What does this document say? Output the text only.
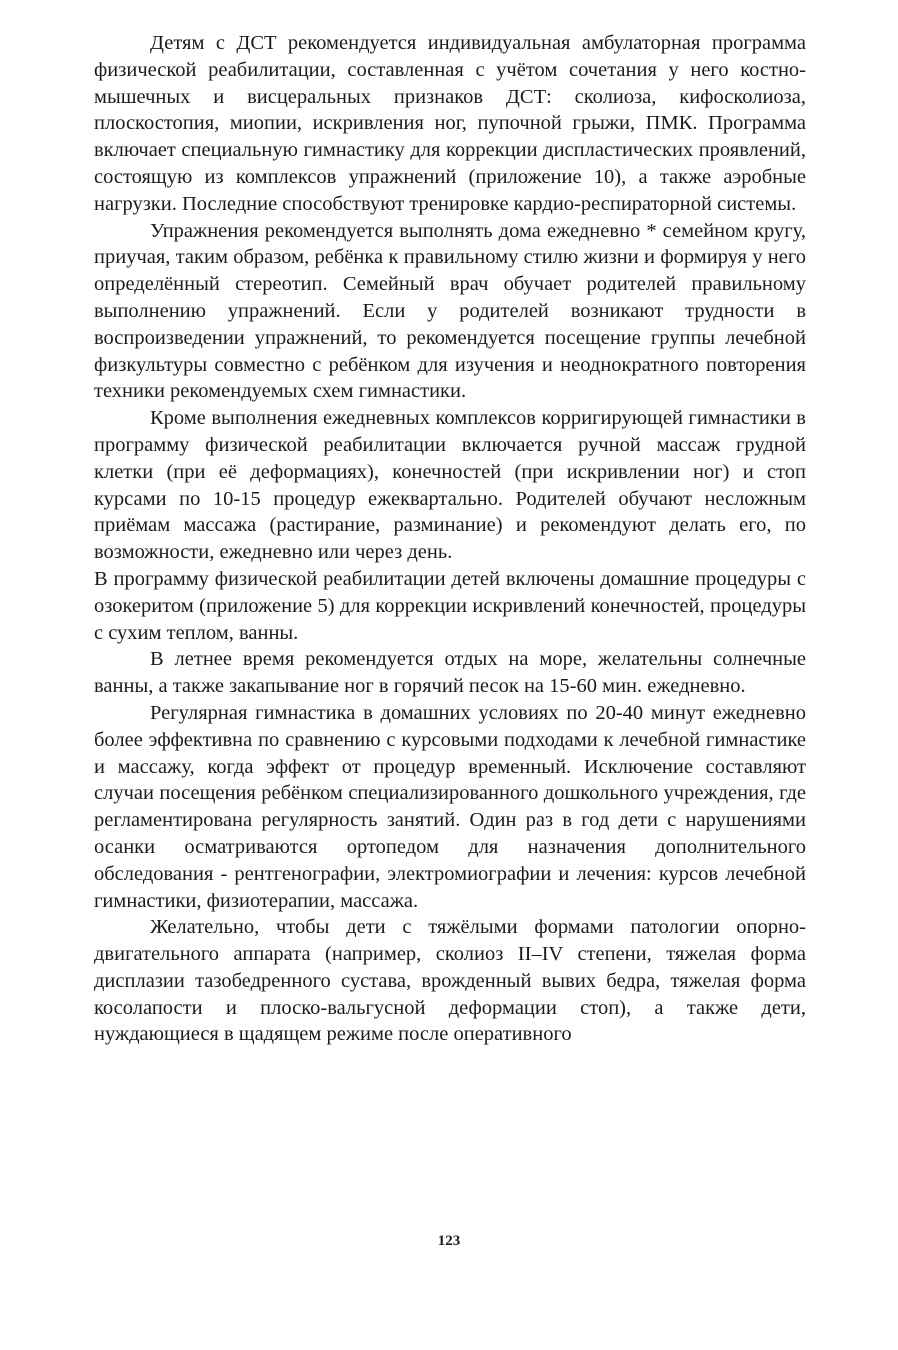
Детям с ДСТ рекомендуется индивидуальная амбулаторная программа физической реабилитации, составленная с учётом сочетания у него костно-мышечных и висцеральных признаков ДСТ: сколиоза, кифосколиоза, плоскостопия, миопии, искривления ног, пупочной грыжи, ПМК. Программа включает специальную гимнастику для коррекции диспластических проявлений, состоящую из комплексов упражнений (приложение 10), а также аэробные нагрузки. Последние способствуют тренировке кардио-респираторной системы.

Упражнения рекомендуется выполнять дома ежедневно * семейном кругу, приучая, таким образом, ребёнка к правильному стилю жизни и формируя у него определённый стереотип. Семейный врач обучает родителей правильному выполнению упражнений. Если у родителей возникают трудности в воспроизведении упражнений, то рекомендуется посещение группы лечебной физкультуры совместно с ребёнком для изучения и неоднократного повторения техники рекомендуемых схем гимнастики.

Кроме выполнения ежедневных комплексов корригирующей гимнастики в программу физической реабилитации включается ручной массаж грудной клетки (при её деформациях), конечностей (при искривлении ног) и стоп курсами по 10-15 процедур ежеквартально. Родителей обучают несложным приёмам массажа (растирание, разминание) и рекомендуют делать его, по возможности, ежедневно или через день.

В программу физической реабилитации детей включены домашние процедуры с озокеритом (приложение 5) для коррекции искривлений конечностей, процедуры с сухим теплом, ванны.

В летнее время рекомендуется отдых на море, желательны солнечные ванны, а также закапывание ног в горячий песок на 15-60 мин. ежедневно.

Регулярная гимнастика в домашних условиях по 20-40 минут ежедневно более эффективна по сравнению с курсовыми подходами к лечебной гимнастике и массажу, когда эффект от процедур временный. Исключение составляют случаи посещения ребёнком специализированного дошкольного учреждения, где регламентирована регулярность занятий. Один раз в год дети с нарушениями осанки осматриваются ортопедом для назначения дополнительного обследования - рентгенографии, электромиографии и лечения: курсов лечебной гимнастики, физиотерапии, массажа.

Желательно, чтобы дети с тяжёлыми формами патологии опорно-двигательного аппарата (например, сколиоз II–IV степени, тяжелая форма дисплазии тазобедренного сустава, врожденный вывих бедра, тяжелая форма косолапости и плоско-вальгусной деформации стоп), а также дети, нуждающиеся в щадящем режиме после оперативного

123
